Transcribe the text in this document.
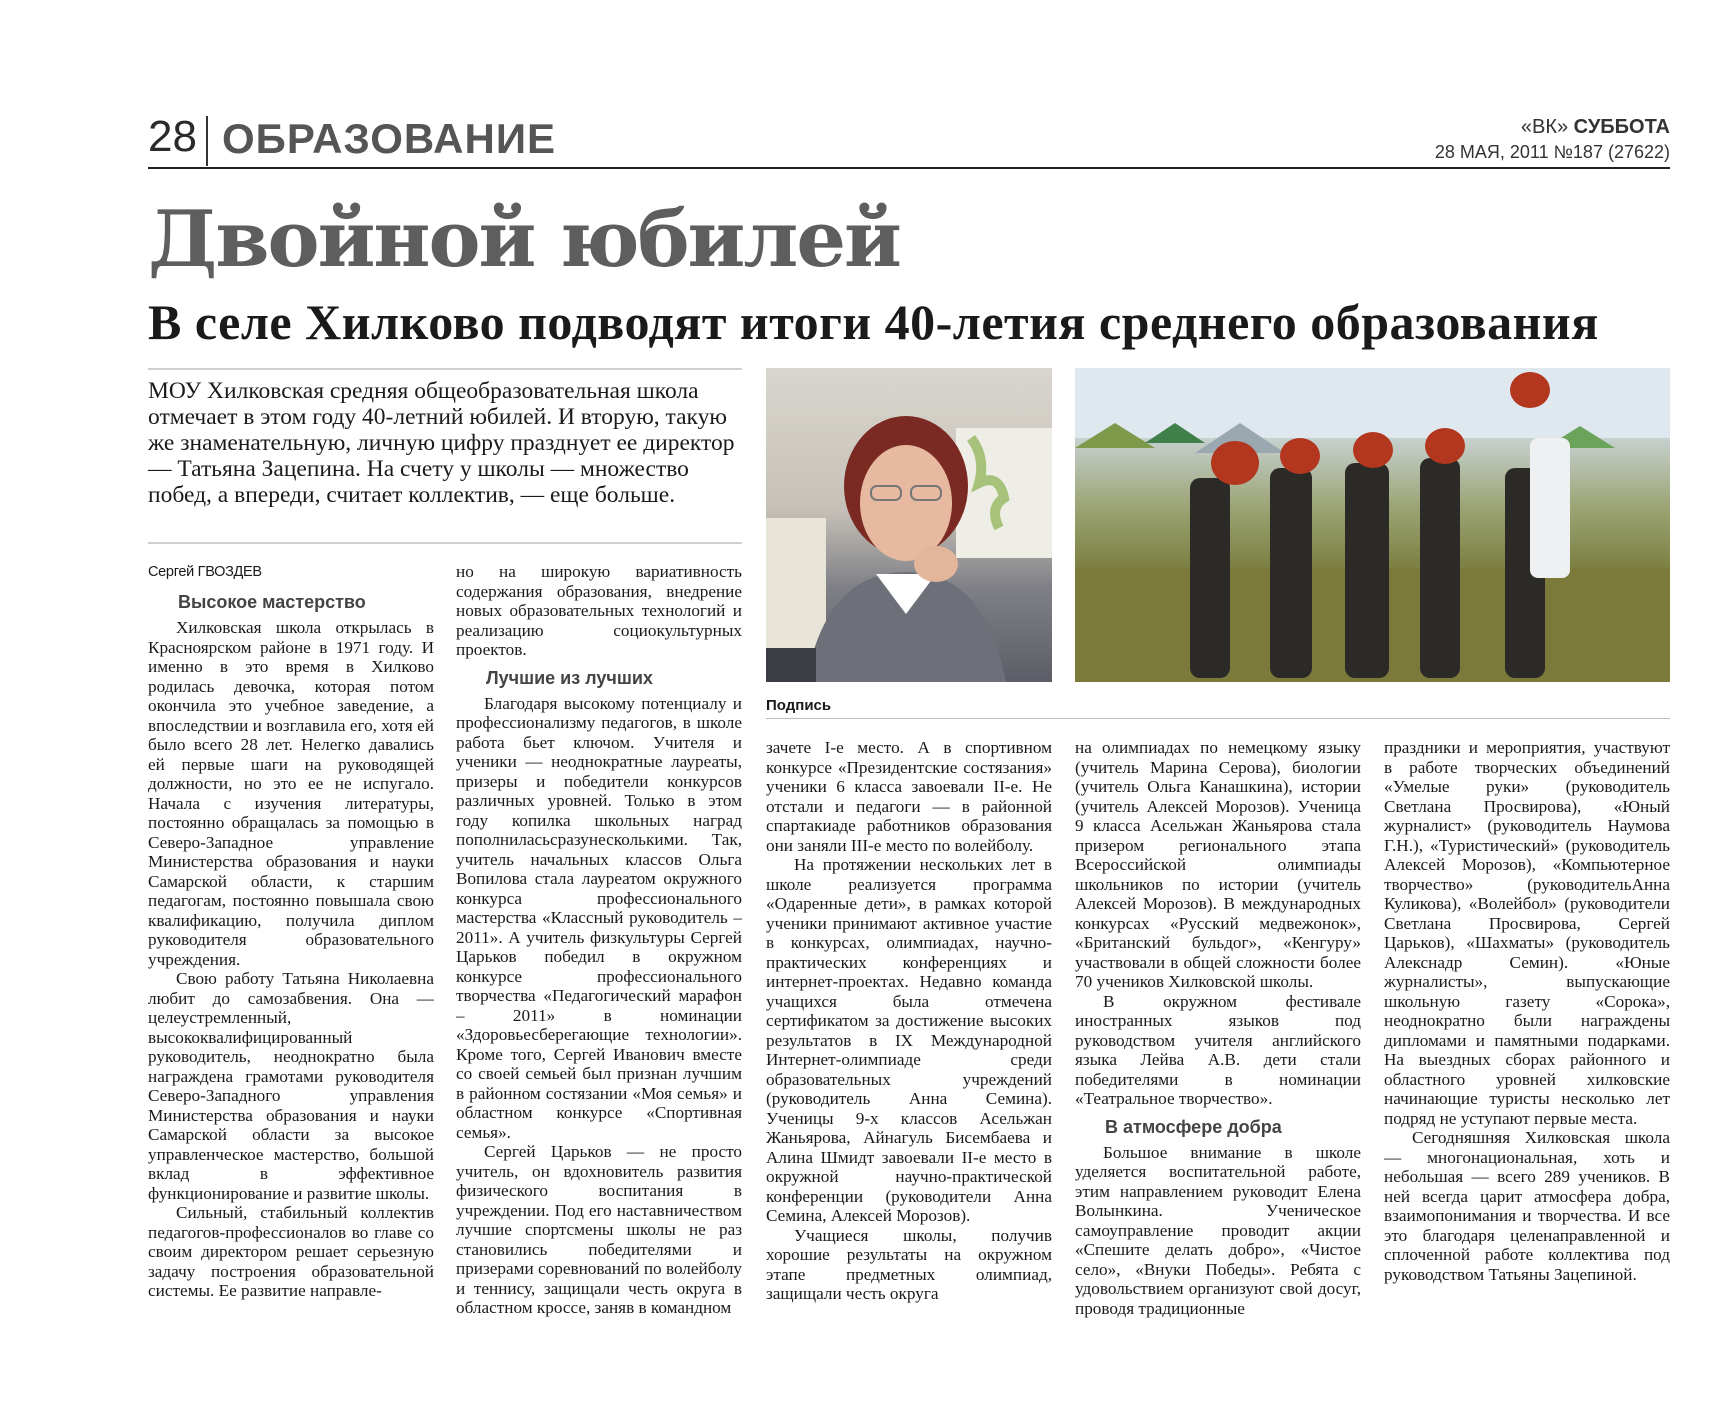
28 ОБРАЗОВАНИЕ	«ВК» СУББОТА
28 МАЯ, 2011 №187 (27622)
Двойной юбилей
В селе Хилково подводят итоги 40-летия среднего образования
МОУ Хилковская средняя общеобразовательная школа отмечает в этом году 40-летний юбилей. И вторую, такую же знаменательную, личную цифру празднует ее директор — Татьяна Зацепина. На счету у школы — множество побед, а впереди, считает коллектив, — еще больше.
Подпись
Сергей ГВОЗДЕВ
Высокое мастерство

Хилковская школа открылась в Красноярском районе в 1971 году. И именно в это время в Хилково родилась девочка, которая потом окончила это учебное заведение, а впоследствии и возглавила его, хотя ей было всего 28 лет. Нелегко давались ей первые шаги на руководящей должности, но это ее не испугало. Начала с изучения литературы, постоянно обращалась за помощью в Северо-Западное управление Министерства образования и науки Самарской области, к старшим педагогам, постоянно повышала свою квалификацию, получила диплом руководителя образовательного учреждения.

Свою работу Татьяна Николаевна любит до самозабвения. Она — целеустремленный, высококвалифицированный руководитель, неоднократно была награждена грамотами руководителя Северо-Западного управления Министерства образования и науки Самарской области за высокое управленческое мастерство, большой вклад в эффективное функционирование и развитие школы.

Сильный, стабильный коллектив педагогов-профессионалов во главе со своим директором решает серьезную задачу построения образовательной системы. Ее развитие направле-

но на широкую вариативность содержания образования, внедрение новых образовательных технологий и реализацию социокультурных проектов.

Лучшие из лучших

Благодаря высокому потенциалу и профессионализму педагогов, в школе работа бьет ключом. Учителя и ученики — неоднократные лауреаты, призеры и победители конкурсов различных уровней. Только в этом году копилка школьных наград пополниласьсразунесколькими. Так, учитель начальных классов Ольга Вопилова стала лауреатом окружного конкурса профессионального мастерства «Классный руководитель – 2011». А учитель физкультуры Сергей Царьков победил в окружном конкурсе профессионального творчества «Педагогический марафон – 2011» в номинации «Здоровьесберегающие технологии». Кроме того, Сергей Иванович вместе со своей семьей был признан лучшим в районном состязании «Моя семья» и областном конкурсе «Спортивная семья».

Сергей Царьков — не просто учитель, он вдохновитель развития физического воспитания в учреждении. Под его наставничеством лучшие спортсмены школы не раз становились победителями и призерами соревнований по волейболу и теннису, защищали честь округа в областном кроссе, заняв в командном

зачете I-е место. А в спортивном конкурсе «Президентские состязания» ученики 6 класса завоевали II-е. Не отстали и педагоги — в районной спартакиаде работников образования они заняли III-е место по волейболу.

На протяжении нескольких лет в школе реализуется программа «Одаренные дети», в рамках которой ученики принимают активное участие в конкурсах, олимпиадах, научно-практических конференциях и интернет-проектах. Недавно команда учащихся была отмечена сертификатом за достижение высоких результатов в IX Международной Интернет-олимпиаде среди образовательных учреждений (руководитель Анна Семина). Ученицы 9-х классов Асельжан Жаньярова, Айнагуль Бисембаева и Алина Шмидт завоевали II-е место в окружной научно-практической конференции (руководители Анна Семина, Алексей Морозов).

Учащиеся школы, получив хорошие результаты на окружном этапе предметных олимпиад, защищали честь округа

на олимпиадах по немецкому языку (учитель Марина Серова), биологии (учитель Ольга Канашкина), истории (учитель Алексей Морозов). Ученица 9 класса Асельжан Жаньярова стала призером регионального этапа Всероссийской олимпиады школьников по истории (учитель Алексей Морозов). В международных конкурсах «Русский медвежонок», «Британский бульдог», «Кенгуру» участвовали в общей сложности более 70 учеников Хилковской школы.

В окружном фестивале иностранных языков под руководством учителя английского языка Лейва А.В. дети стали победителями в номинации «Театральное творчество».

В атмосфере добра

Большое внимание в школе уделяется воспитательной работе, этим направлением руководит Елена Волынкина. Ученическое самоуправление проводит акции «Спешите делать добро», «Чистое село», «Внуки Победы». Ребята с удовольствием организуют свой досуг, проводя традиционные

праздники и мероприятия, участвуют в работе творческих объединений «Умелые руки» (руководитель Светлана Просвирова), «Юный журналист» (руководитель Наумова Г.Н.), «Туристический» (руководитель Алексей Морозов), «Компьютерное творчество» (руководительАнна Куликова), «Волейбол» (руководители Светлана Просвирова, Сергей Царьков), «Шахматы» (руководитель Алекснадр Семин). «Юные журналисты», выпускающие школьную газету «Сорока», неоднократно были награждены дипломами и памятными подарками. На выездных сборах районного и областного уровней хилковские начинающие туристы несколько лет подряд не уступают первые места.

Сегодняшняя Хилковская школа — многонациональная, хоть и небольшая — всего 289 учеников. В ней всегда царит атмосфера добра, взаимопонимания и творчества. И все это благодаря целенаправленной и сплоченной работе коллектива под руководством Татьяны Зацепиной.
